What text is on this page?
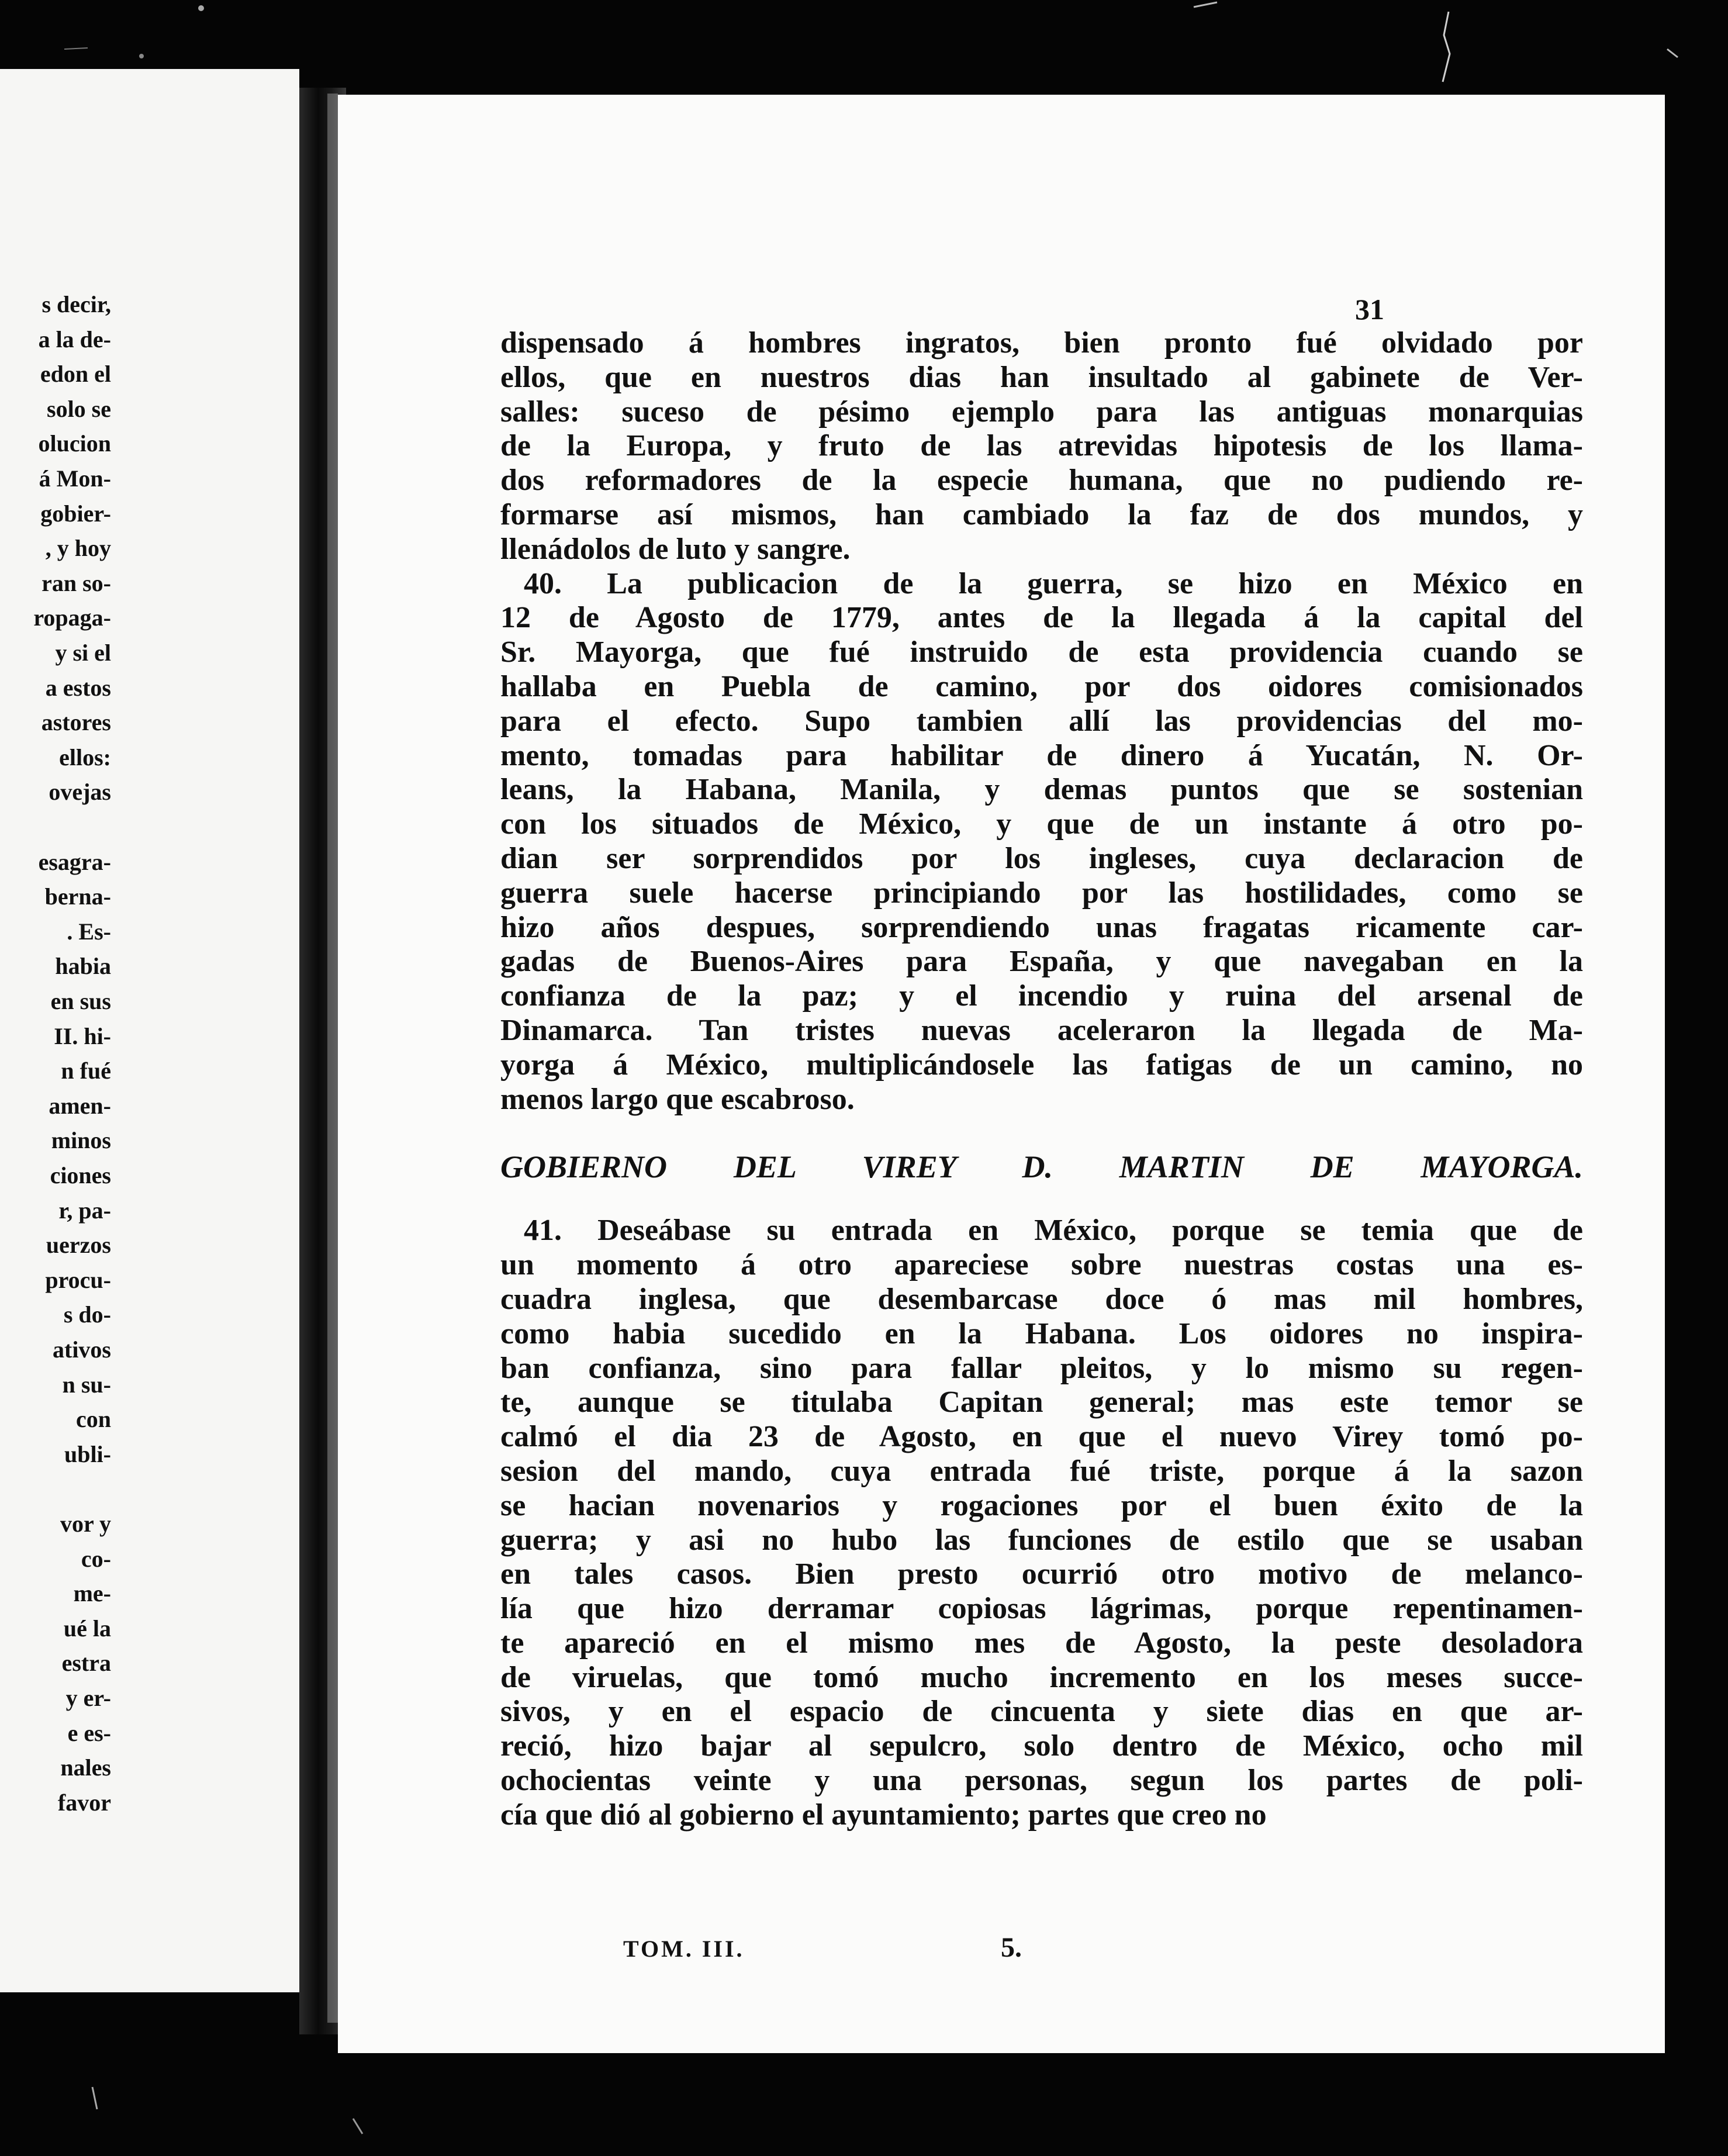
s decir,
a la de-
edon el
solo se
olucion
á Mon-
gobier-
, y hoy
ran so-
ropaga-
y si el
a estos
astores
ellos:
ovejas
esagra-
berna-
. Es-
habia
en sus
II. hi-
n fué
amen-
minos
ciones
r, pa-
uerzos
procu-
s do-
ativos
n su-
con
ubli-
vor y
co-
me-
ué la
estra
y er-
e es-
nales
favor
31
dispensado á hombres ingratos, bien pronto fué olvidado por
ellos, que en nuestros dias han insultado al gabinete de Ver-
salles: suceso de pésimo ejemplo para las antiguas monarquias
de la Europa, y fruto de las atrevidas hipotesis de los llama-
dos reformadores de la especie humana, que no pudiendo re-
formarse así mismos, han cambiado la faz de dos mundos, y
llenádolos de luto y sangre.
40. La publicacion de la guerra, se hizo en México en
12 de Agosto de 1779, antes de la llegada á la capital del
Sr. Mayorga, que fué instruido de esta providencia cuando se
hallaba en Puebla de camino, por dos oidores comisionados
para el efecto. Supo tambien allí las providencias del mo-
mento, tomadas para habilitar de dinero á Yucatán, N. Or-
leans, la Habana, Manila, y demas puntos que se sostenian
con los situados de México, y que de un instante á otro po-
dian ser sorprendidos por los ingleses, cuya declaracion de
guerra suele hacerse principiando por las hostilidades, como se
hizo años despues, sorprendiendo unas fragatas ricamente car-
gadas de Buenos-Aires para España, y que navegaban en la
confianza de la paz; y el incendio y ruina del arsenal de
Dinamarca. Tan tristes nuevas aceleraron la llegada de Ma-
yorga á México, multiplicándosele las fatigas de un camino, no
menos largo que escabroso.
GOBIERNO DEL VIREY D. MARTIN DE MAYORGA.
41. Deseábase su entrada en México, porque se temia que de
un momento á otro apareciese sobre nuestras costas una es-
cuadra inglesa, que desembarcase doce ó mas mil hombres,
como habia sucedido en la Habana. Los oidores no inspira-
ban confianza, sino para fallar pleitos, y lo mismo su regen-
te, aunque se titulaba Capitan general; mas este temor se
calmó el dia 23 de Agosto, en que el nuevo Virey tomó po-
sesion del mando, cuya entrada fué triste, porque á la sazon
se hacian novenarios y rogaciones por el buen éxito de la
guerra; y asi no hubo las funciones de estilo que se usaban
en tales casos. Bien presto ocurrió otro motivo de melanco-
lía que hizo derramar copiosas lágrimas, porque repentinamen-
te apareció en el mismo mes de Agosto, la peste desoladora
de viruelas, que tomó mucho incremento en los meses succe-
sivos, y en el espacio de cincuenta y siete dias en que ar-
reció, hizo bajar al sepulcro, solo dentro de México, ocho mil
ochocientas veinte y una personas, segun los partes de poli-
cía que dió al gobierno el ayuntamiento; partes que creo no
TOM. III.	5.
